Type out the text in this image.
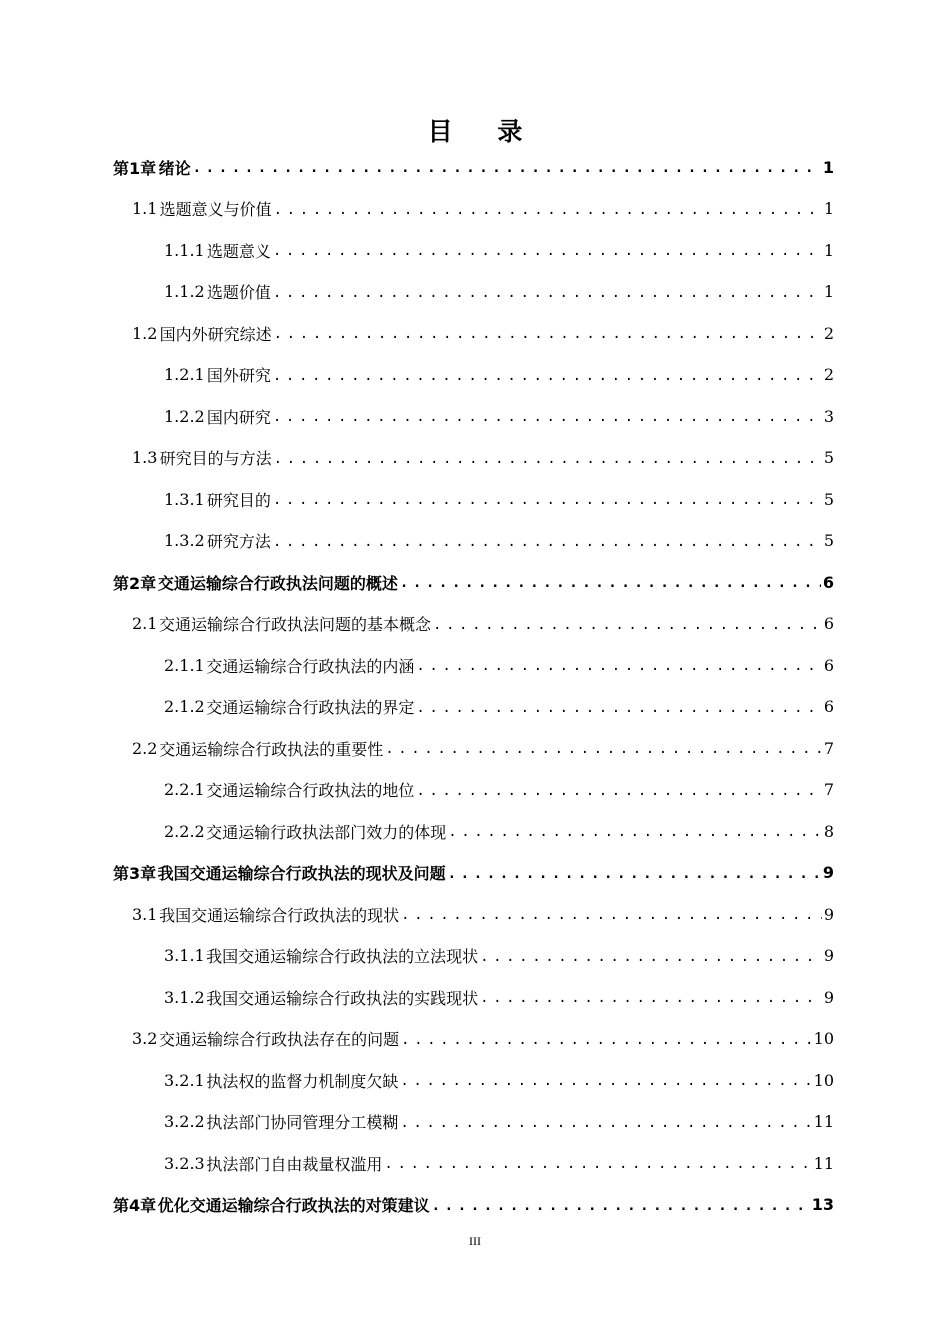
目 录
第1章 绪论 .....	1
1.1 选题意义与价值 .....	1
1.1.1 选题意义 .....	1
1.1.2 选题价值 .....	1
1.2 国内外研究综述 .....	2
1.2.1 国外研究 .....	2
1.2.2 国内研究 .....	3
1.3 研究目的与方法 .....	5
1.3.1 研究目的 .....	5
1.3.2 研究方法 .....	5
第2章 交通运输综合行政执法问题的概述 .....	6
2.1 交通运输综合行政执法问题的基本概念 .....	6
2.1.1 交通运输综合行政执法的内涵 .....	6
2.1.2 交通运输综合行政执法的界定 .....	6
2.2 交通运输综合行政执法的重要性 .....	7
2.2.1 交通运输综合行政执法的地位 .....	7
2.2.2 交通运输行政执法部门效力的体现 .....	8
第3章 我国交通运输综合行政执法的现状及问题 .....	9
3.1 我国交通运输综合行政执法的现状 .....	9
3.1.1 我国交通运输综合行政执法的立法现状 .....	9
3.1.2 我国交通运输综合行政执法的实践现状 .....	9
3.2 交通运输综合行政执法存在的问题 .....	10
3.2.1 执法权的监督力机制度欠缺 .....	10
3.2.2 执法部门协同管理分工模糊 .....	11
3.2.3 执法部门自由裁量权滥用 .....	11
第4章 优化交通运输综合行政执法的对策建议 .....	13
III
